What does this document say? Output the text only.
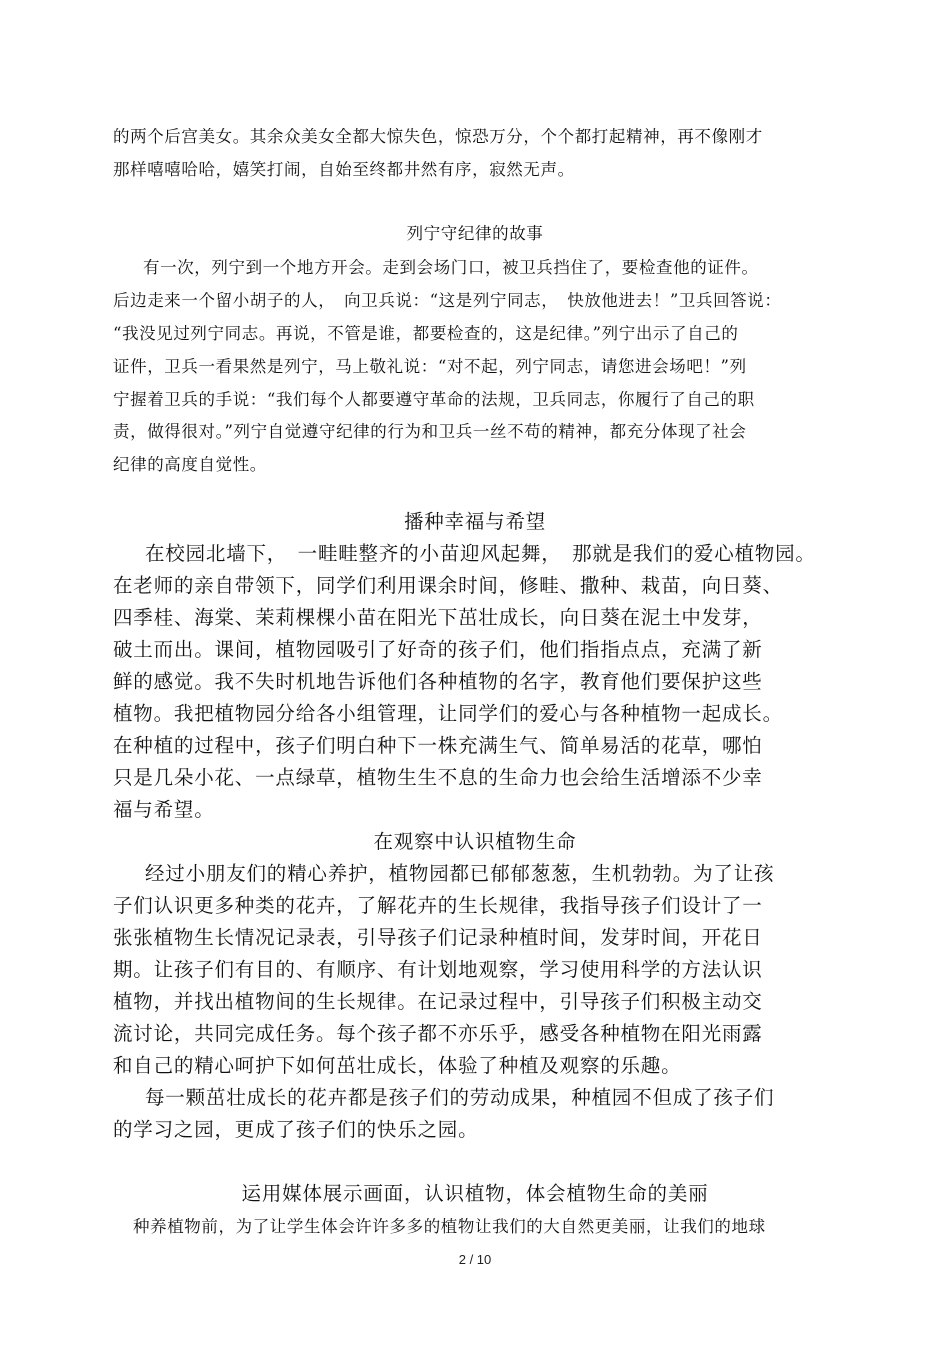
的两个后宫美女。其余众美女全都大惊失色，惊恐万分，个个都打起精神，再不像刚才
那样嘻嘻哈哈，嬉笑打闹，自始至终都井然有序，寂然无声。
列宁守纪律的故事
有一次，列宁到一个地方开会。走到会场门口，被卫兵挡住了，要检查他的证件。
后边走来一个留小胡子的人，　向卫兵说：“这是列宁同志，　快放他进去！”卫兵回答说：
“我没见过列宁同志。再说，不管是谁，都要检查的，这是纪律。”列宁出示了自己的
证件，卫兵一看果然是列宁，马上敬礼说：“对不起，列宁同志，请您进会场吧！”列
宁握着卫兵的手说：“我们每个人都要遵守革命的法规，卫兵同志，你履行了自己的职
责，做得很对。”列宁自觉遵守纪律的行为和卫兵一丝不苟的精神，都充分体现了社会
纪律的高度自觉性。
播种幸福与希望
在校园北墙下，　一畦畦整齐的小苗迎风起舞，　那就是我们的爱心植物园。
在老师的亲自带领下，同学们利用课余时间，修畦、撒种、栽苗，向日葵、
四季桂、海棠、茉莉棵棵小苗在阳光下茁壮成长，向日葵在泥土中发芽，
破土而出。课间，植物园吸引了好奇的孩子们，他们指指点点，充满了新
鲜的感觉。我不失时机地告诉他们各种植物的名字，教育他们要保护这些
植物。我把植物园分给各小组管理，让同学们的爱心与各种植物一起成长。
在种植的过程中，孩子们明白种下一株充满生气、简单易活的花草，哪怕
只是几朵小花、一点绿草，植物生生不息的生命力也会给生活增添不少幸
福与希望。
在观察中认识植物生命
经过小朋友们的精心养护，植物园都已郁郁葱葱，生机勃勃。为了让孩
子们认识更多种类的花卉，了解花卉的生长规律，我指导孩子们设计了一
张张植物生长情况记录表，引导孩子们记录种植时间，发芽时间，开花日
期。让孩子们有目的、有顺序、有计划地观察，学习使用科学的方法认识
植物，并找出植物间的生长规律。在记录过程中，引导孩子们积极主动交
流讨论，共同完成任务。每个孩子都不亦乐乎，感受各种植物在阳光雨露
和自己的精心呵护下如何茁壮成长，体验了种植及观察的乐趣。
每一颗茁壮成长的花卉都是孩子们的劳动成果，种植园不但成了孩子们
的学习之园，更成了孩子们的快乐之园。
运用媒体展示画面，认识植物，体会植物生命的美丽
种养植物前，为了让学生体会许许多多的植物让我们的大自然更美丽，让我们的地球
2 / 10
